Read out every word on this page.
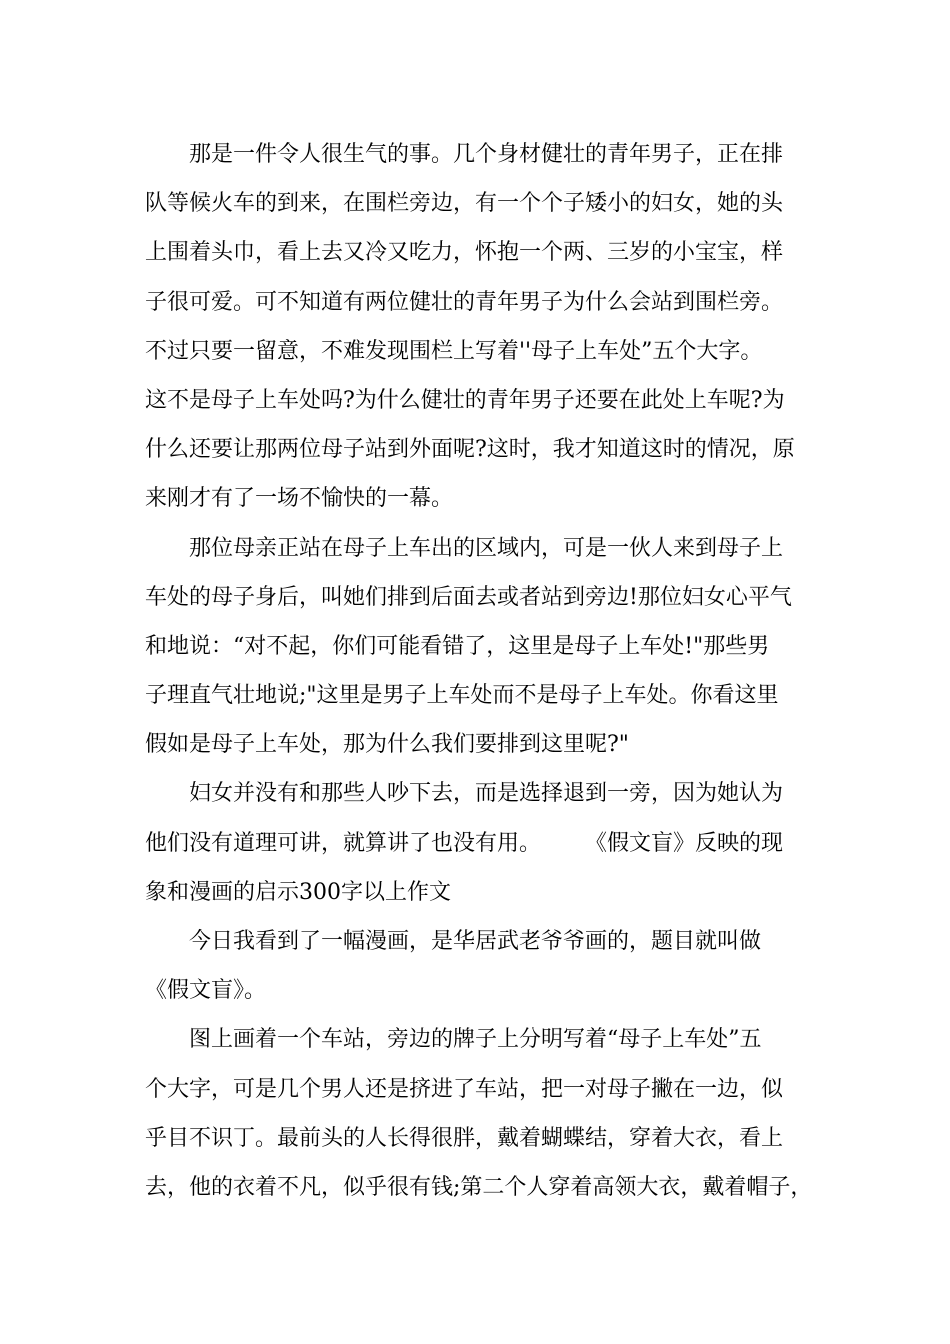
　　那是一件令人很生气的事。几个身材健壮的青年男子，正在排
队等候火车的到来，在围栏旁边，有一个个子矮小的妇女，她的头
上围着头巾，看上去又冷又吃力，怀抱一个两、三岁的小宝宝，样
子很可爱。可不知道有两位健壮的青年男子为什么会站到围栏旁。
不过只要一留意，不难发现围栏上写着''母子上车处”五个大字。
这不是母子上车处吗?为什么健壮的青年男子还要在此处上车呢?为
什么还要让那两位母子站到外面呢?这时，我才知道这时的情况，原
来刚才有了一场不愉快的一幕。
　　那位母亲正站在母子上车出的区域内，可是一伙人来到母子上
车处的母子身后，叫她们排到后面去或者站到旁边!那位妇女心平气
和地说：“对不起，你们可能看错了，这里是母子上车处!"那些男
子理直气壮地说;"这里是男子上车处而不是母子上车处。你看这里
假如是母子上车处，那为什么我们要排到这里呢?"
　　妇女并没有和那些人吵下去，而是选择退到一旁，因为她认为
他们没有道理可讲，就算讲了也没有用。　　　《假文盲》反映的现
象和漫画的启示300字以上作文
　　今日我看到了一幅漫画，是华居武老爷爷画的，题目就叫做
《假文盲》。
　　图上画着一个车站，旁边的牌子上分明写着“母子上车处”五
个大字，可是几个男人还是挤进了车站，把一对母子撇在一边，似
乎目不识丁。最前头的人长得很胖，戴着蝴蝶结，穿着大衣，看上
去，他的衣着不凡，似乎很有钱;第二个人穿着高领大衣，戴着帽子，
